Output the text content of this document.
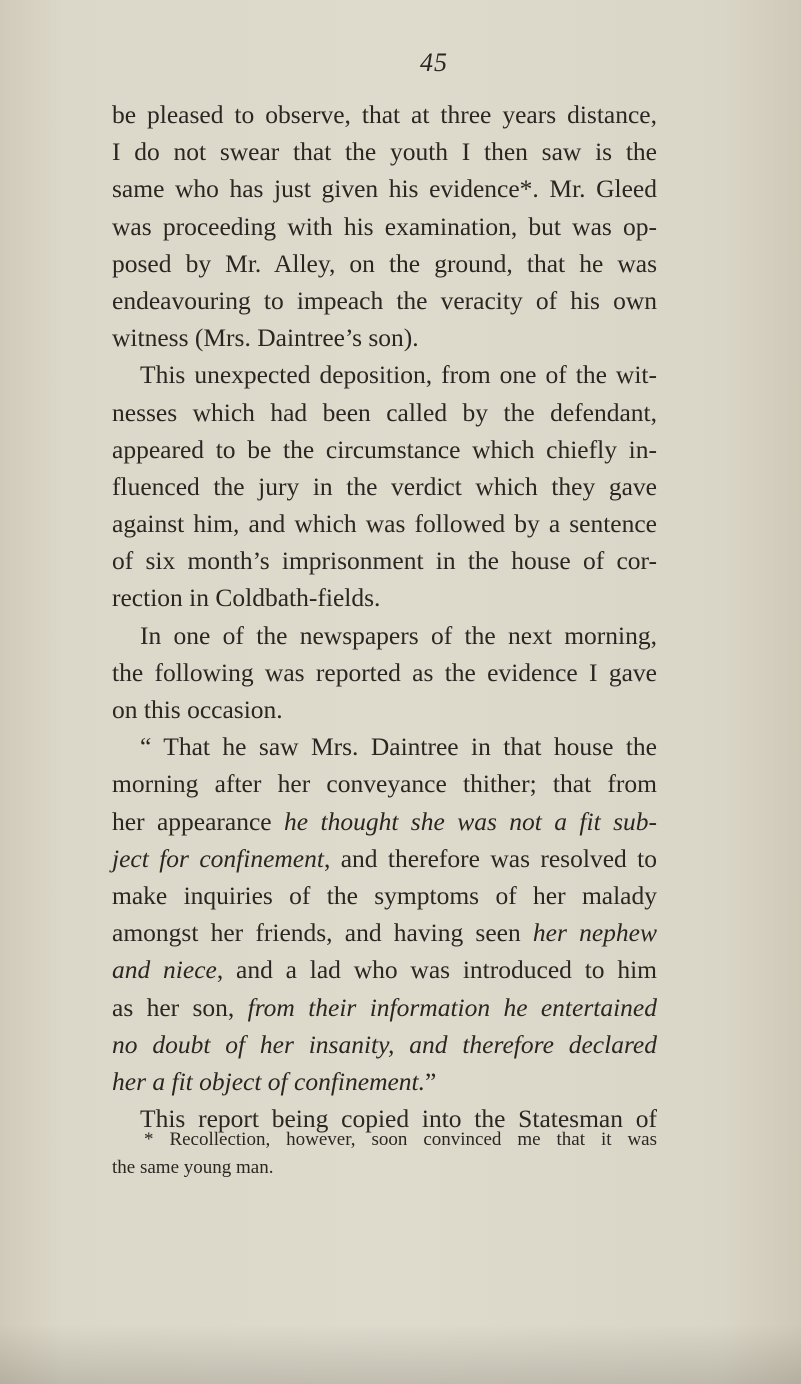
45
be pleased to observe, that at three years distance,
I do not swear that the youth I then saw is the
same who has just given his evidence*. Mr. Gleed
was proceeding with his examination, but was op-
posed by Mr. Alley, on the ground, that he was
endeavouring to impeach the veracity of his own
witness (Mrs. Daintree’s son).
This unexpected deposition, from one of the wit-
nesses which had been called by the defendant,
appeared to be the circumstance which chiefly in-
fluenced the jury in the verdict which they gave
against him, and which was followed by a sentence
of six month’s imprisonment in the house of cor-
rection in Coldbath-fields.
In one of the newspapers of the next morning,
the following was reported as the evidence I gave
on this occasion.
“ That he saw Mrs. Daintree in that house the
morning after her conveyance thither; that from
her appearance he thought she was not a fit sub-
ject for confinement, and therefore was resolved to
make inquiries of the symptoms of her malady
amongst her friends, and having seen her nephew
and niece, and a lad who was introduced to him
as her son, from their information he entertained
no doubt of her insanity, and therefore declared
her a fit object of confinement.”
This report being copied into the Statesman of
* Recollection, however, soon convinced me that it was
the same young man.
